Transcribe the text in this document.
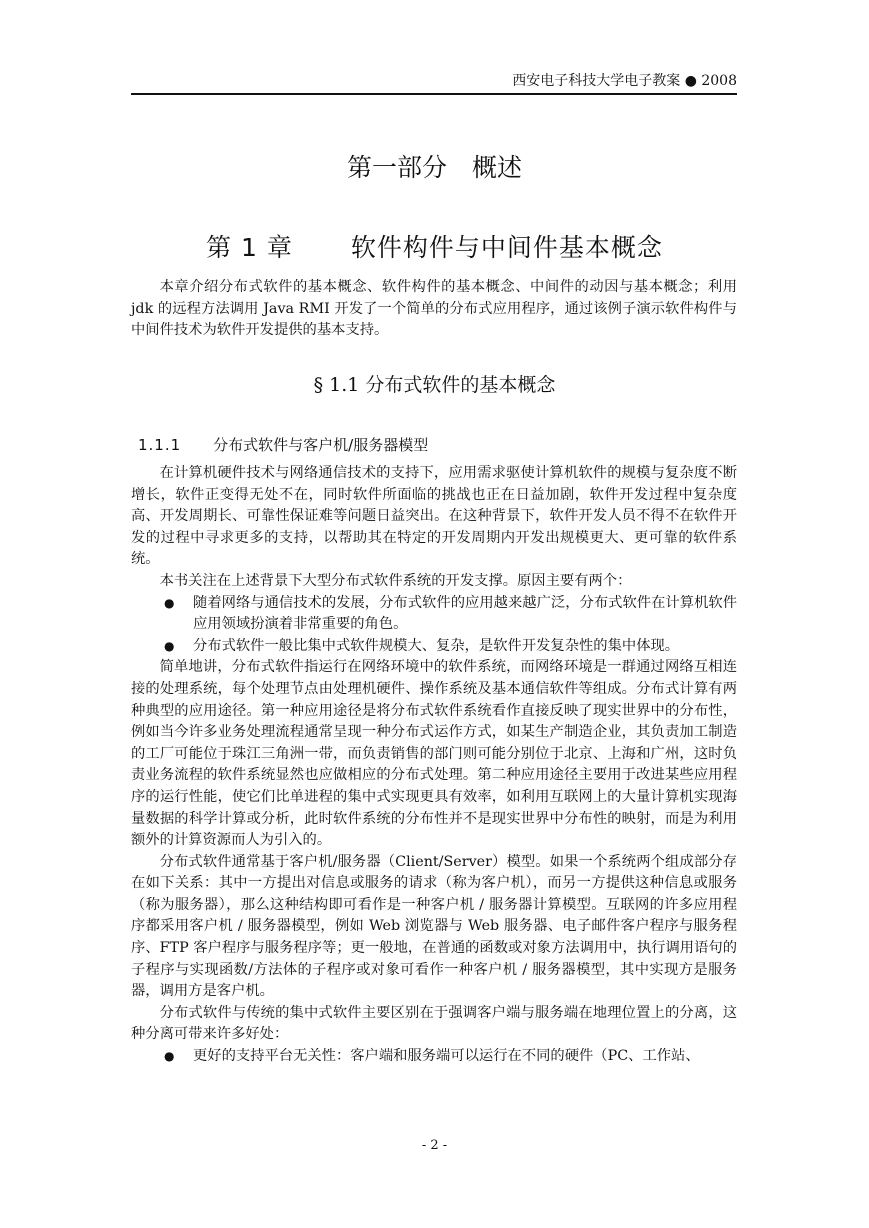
西安电子科技大学电子教案 ● 2008
第一部分　概述
第 1 章 软件构件与中间件基本概念

本章介绍分布式软件的基本概念、软件构件的基本概念、中间件的动因与基本概念；利用 jdk 的远程方法调用 Java RMI 开发了一个简单的分布式应用程序，通过该例子演示软件构件与中间件技术为软件开发提供的基本支持。

§ 1.1 分布式软件的基本概念
1.1.1 分布式软件与客户机/服务器模型

在计算机硬件技术与网络通信技术的支持下，应用需求驱使计算机软件的规模与复杂度不断增长，软件正变得无处不在，同时软件所面临的挑战也正在日益加剧，软件开发过程中复杂度高、开发周期长、可靠性保证难等问题日益突出。在这种背景下，软件开发人员不得不在软件开发的过程中寻求更多的支持，以帮助其在特定的开发周期内开发出规模更大、更可靠的软件系统。

本书关注在上述背景下大型分布式软件系统的开发支撑。原因主要有两个：

● 随着网络与通信技术的发展，分布式软件的应用越来越广泛，分布式软件在计算机软件应用领域扮演着非常重要的角色。

● 分布式软件一般比集中式软件规模大、复杂，是软件开发复杂性的集中体现。

简单地讲，分布式软件指运行在网络环境中的软件系统，而网络环境是一群通过网络互相连接的处理系统，每个处理节点由处理机硬件、操作系统及基本通信软件等组成。分布式计算有两种典型的应用途径。第一种应用途径是将分布式软件系统看作直接反映了现实世界中的分布性，例如当今许多业务处理流程通常呈现一种分布式运作方式，如某生产制造企业，其负责加工制造的工厂可能位于珠江三角洲一带，而负责销售的部门则可能分别位于北京、上海和广州，这时负责业务流程的软件系统显然也应做相应的分布式处理。第二种应用途径主要用于改进某些应用程序的运行性能，使它们比单进程的集中式实现更具有效率，如利用互联网上的大量计算机实现海量数据的科学计算或分析，此时软件系统的分布性并不是现实世界中分布性的映射，而是为利用额外的计算资源而人为引入的。

分布式软件通常基于客户机/服务器（Client/Server）模型。如果一个系统两个组成部分存在如下关系：其中一方提出对信息或服务的请求（称为客户机），而另一方提供这种信息或服务（称为服务器），那么这种结构即可看作是一种客户机 / 服务器计算模型。互联网的许多应用程序都采用客户机 / 服务器模型，例如 Web 浏览器与 Web 服务器、电子邮件客户程序与服务程序、FTP 客户程序与服务程序等；更一般地，在普通的函数或对象方法调用中，执行调用语句的子程序与实现函数/方法体的子程序或对象可看作一种客户机 / 服务器模型，其中实现方是服务器，调用方是客户机。

分布式软件与传统的集中式软件主要区别在于强调客户端与服务端在地理位置上的分离，这种分离可带来许多好处：

● 更好的支持平台无关性：客户端和服务端可以运行在不同的硬件（PC、工作站、

- 2 -
